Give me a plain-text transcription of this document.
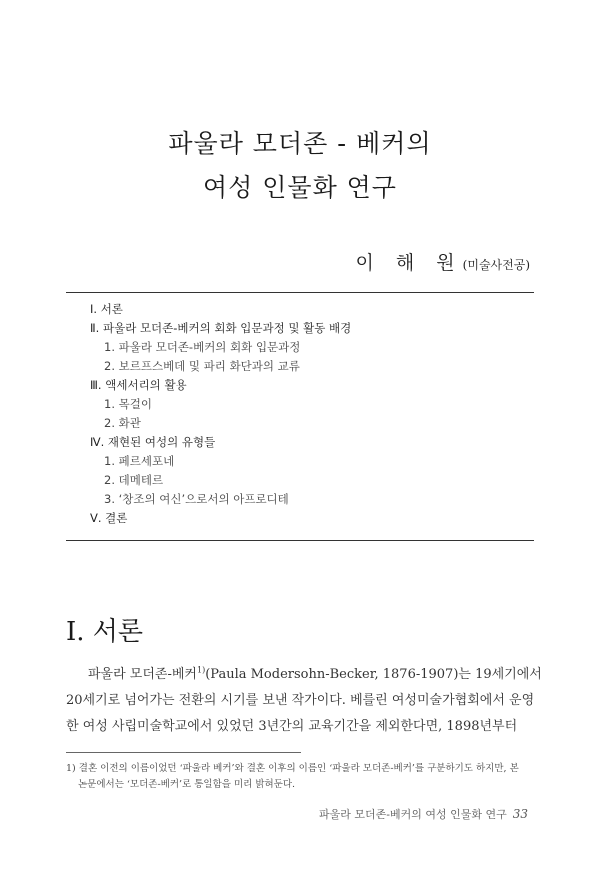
파울라 모더존 - 베커의
여성 인물화 연구
이 해 원(미술사전공)
Ⅰ. 서론
Ⅱ. 파울라 모더존-베커의 회화 입문과정 및 활동 배경
1. 파울라 모더존-베커의 회화 입문과정
2. 보르프스베데 및 파리 화단과의 교류
Ⅲ. 액세서리의 활용
1. 목걸이
2. 화관
Ⅳ. 재현된 여성의 유형들
1. 페르세포네
2. 데메테르
3. ‘창조의 여신’으로서의 아프로디테
Ⅴ. 결론
Ⅰ. 서론
파울라 모더존-베커$^{1)}$(Paula Modersohn-Becker, 1876-1907)는 19세기에서
20세기로 넘어가는 전환의 시기를 보낸 작가이다. 베를린 여성미술가협회에서 운영
한 여성 사립미술학교에서 있었던 3년간의 교육기간을 제외한다면, 1898년부터
1) 결혼 이전의 이름이었던 ‘파울라 베커’와 결혼 이후의 이름인 ‘파울라 모더존-베커’를 구분하기도 하지만, 본
논문에서는 ‘모더존-베커’로 통일함을 미리 밝혀둔다.
파울라 모더존-베커의 여성 인물화 연구 33
